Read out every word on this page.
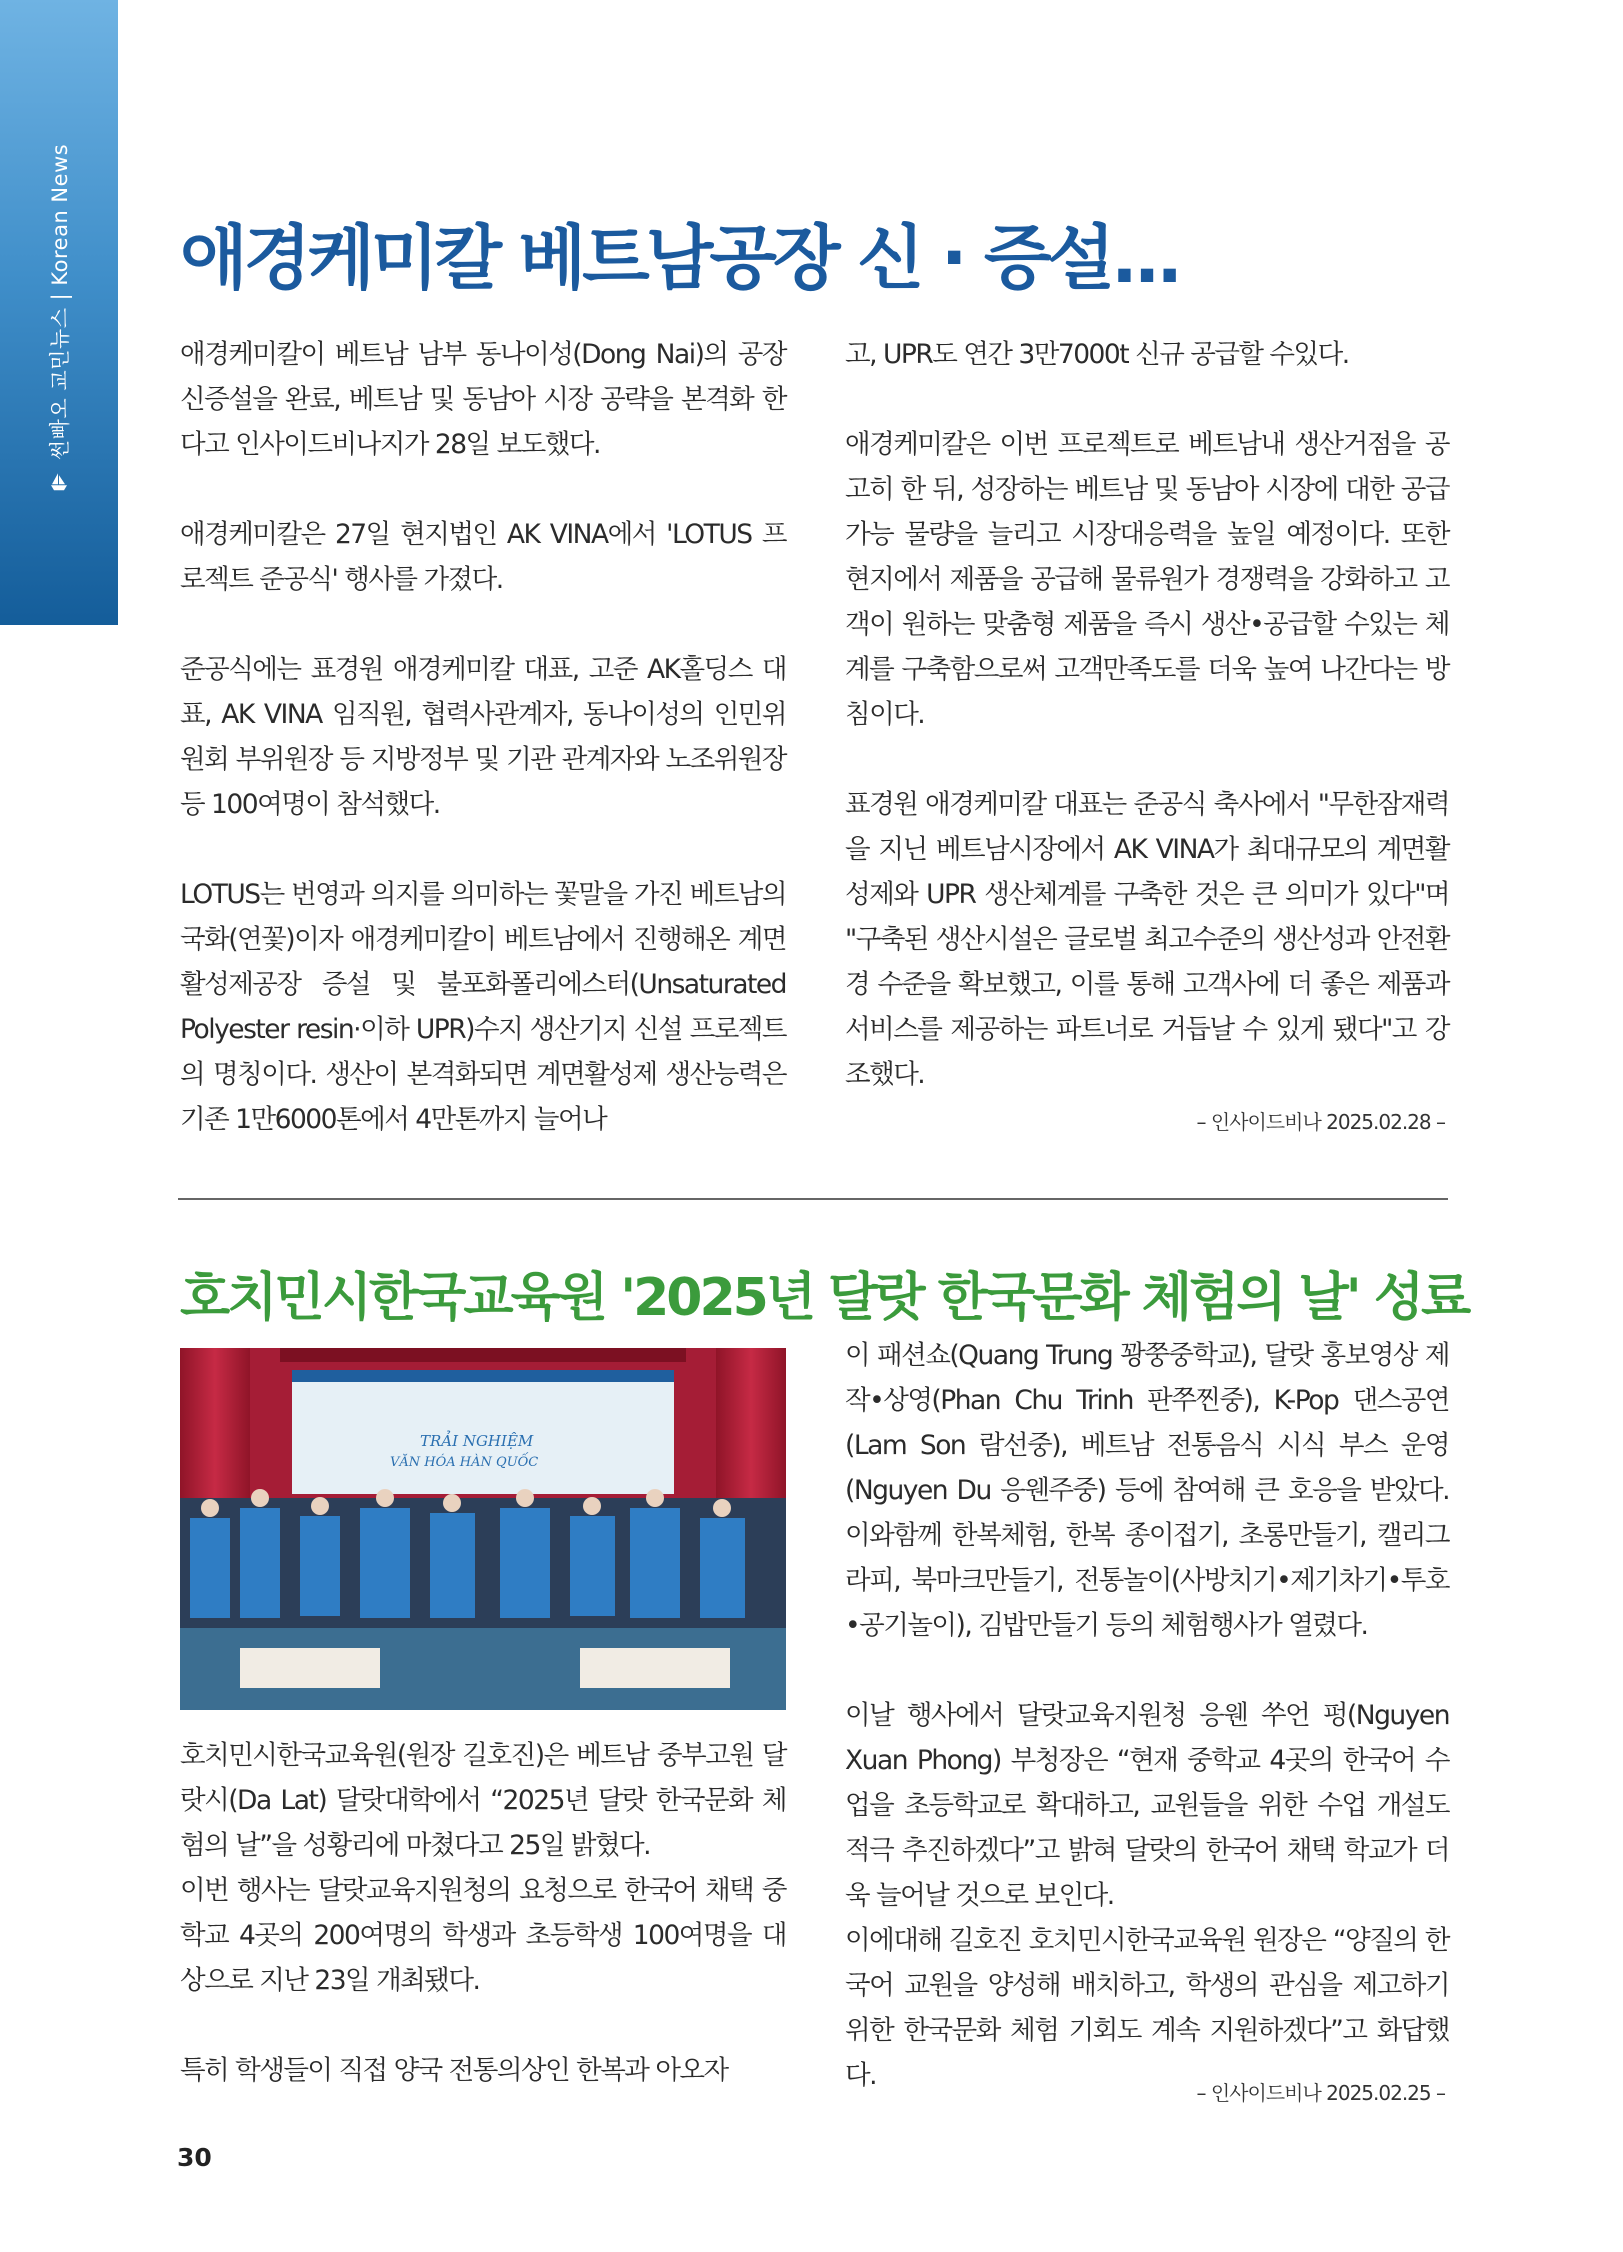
썬빠오 교민뉴스 | Korean News 애경케미칼 베트남공장 신 · 증설...

애경케미칼이 베트남 남부 동나이성(Dong Nai)의 공장 신증설을 완료, 베트남 및 동남아 시장 공략을 본격화 한다고 인사이드비나지가 28일 보도했다.

애경케미칼은 27일 현지법인 AK VINA에서 'LOTUS 프로젝트 준공식' 행사를 가졌다.

준공식에는 표경원 애경케미칼 대표, 고준 AK홀딩스 대표, AK VINA 임직원, 협력사관계자, 동나이성의 인민위원회 부위원장 등 지방정부 및 기관 관계자와 노조위원장 등 100여명이 참석했다.

LOTUS는 번영과 의지를 의미하는 꽃말을 가진 베트남의 국화(연꽃)이자 애경케미칼이 베트남에서 진행해온 계면활성제공장 증설 및 불포화폴리에스터(Unsaturated Polyester resin·이하 UPR)수지 생산기지 신설 프로젝트의 명칭이다. 생산이 본격화되면 계면활성제 생산능력은 기존 1만6000톤에서 4만톤까지 늘어나

고, UPR도 연간 3만7000t 신규 공급할 수있다.

애경케미칼은 이번 프로젝트로 베트남내 생산거점을 공고히 한 뒤, 성장하는 베트남 및 동남아 시장에 대한 공급가능 물량을 늘리고 시장대응력을 높일 예정이다. 또한 현지에서 제품을 공급해 물류원가 경쟁력을 강화하고 고객이 원하는 맞춤형 제품을 즉시 생산•공급할 수있는 체계를 구축함으로써 고객만족도를 더욱 높여 나간다는 방침이다.

표경원 애경케미칼 대표는 준공식 축사에서 "무한잠재력을 지닌 베트남시장에서 AK VINA가 최대규모의 계면활성제와 UPR 생산체계를 구축한 것은 큰 의미가 있다"며 "구축된 생산시설은 글로벌 최고수준의 생산성과 안전환경 수준을 확보했고, 이를 통해 고객사에 더 좋은 제품과 서비스를 제공하는 파트너로 거듭날 수 있게 됐다"고 강조했다.

– 인사이드비나 2025.02.28 –
호치민시한국교육원 '2025년 달랏 한국문화 체험의 날' 성료
TRẢI NGHIỆM
VĂN HÓA HÀN QUỐC

호치민시한국교육원(원장 길호진)은 베트남 중부고원 달랏시(Da Lat) 달랏대학에서 “2025년 달랏 한국문화 체험의 날”을 성황리에 마쳤다고 25일 밝혔다.

이번 행사는 달랏교육지원청의 요청으로 한국어 채택 중학교 4곳의 200여명의 학생과 초등학생 100여명을 대상으로 지난 23일 개최됐다.

특히 학생들이 직접 양국 전통의상인 한복과 아오자

이 패션쇼(Quang Trung 꽝쭝중학교), 달랏 홍보영상 제작•상영(Phan Chu Trinh 판쭈찐중), K-Pop 댄스공연(Lam Son 람선중), 베트남 전통음식 시식 부스 운영(Nguyen Du 응웬주중) 등에 참여해 큰 호응을 받았다. 이와함께 한복체험, 한복 종이접기, 초롱만들기, 캘리그라피, 북마크만들기, 전통놀이(사방치기•제기차기•투호•공기놀이), 김밥만들기 등의 체험행사가 열렸다.

이날 행사에서 달랏교육지원청 응웬 쑤언 펑(Nguyen Xuan Phong) 부청장은 “현재 중학교 4곳의 한국어 수업을 초등학교로 확대하고, 교원들을 위한 수업 개설도 적극 추진하겠다”고 밝혀 달랏의 한국어 채택 학교가 더욱 늘어날 것으로 보인다.

이에대해 길호진 호치민시한국교육원 원장은 “양질의 한국어 교원을 양성해 배치하고, 학생의 관심을 제고하기 위한 한국문화 체험 기회도 계속 지원하겠다”고 화답했다.

– 인사이드비나 2025.02.25 –
30
